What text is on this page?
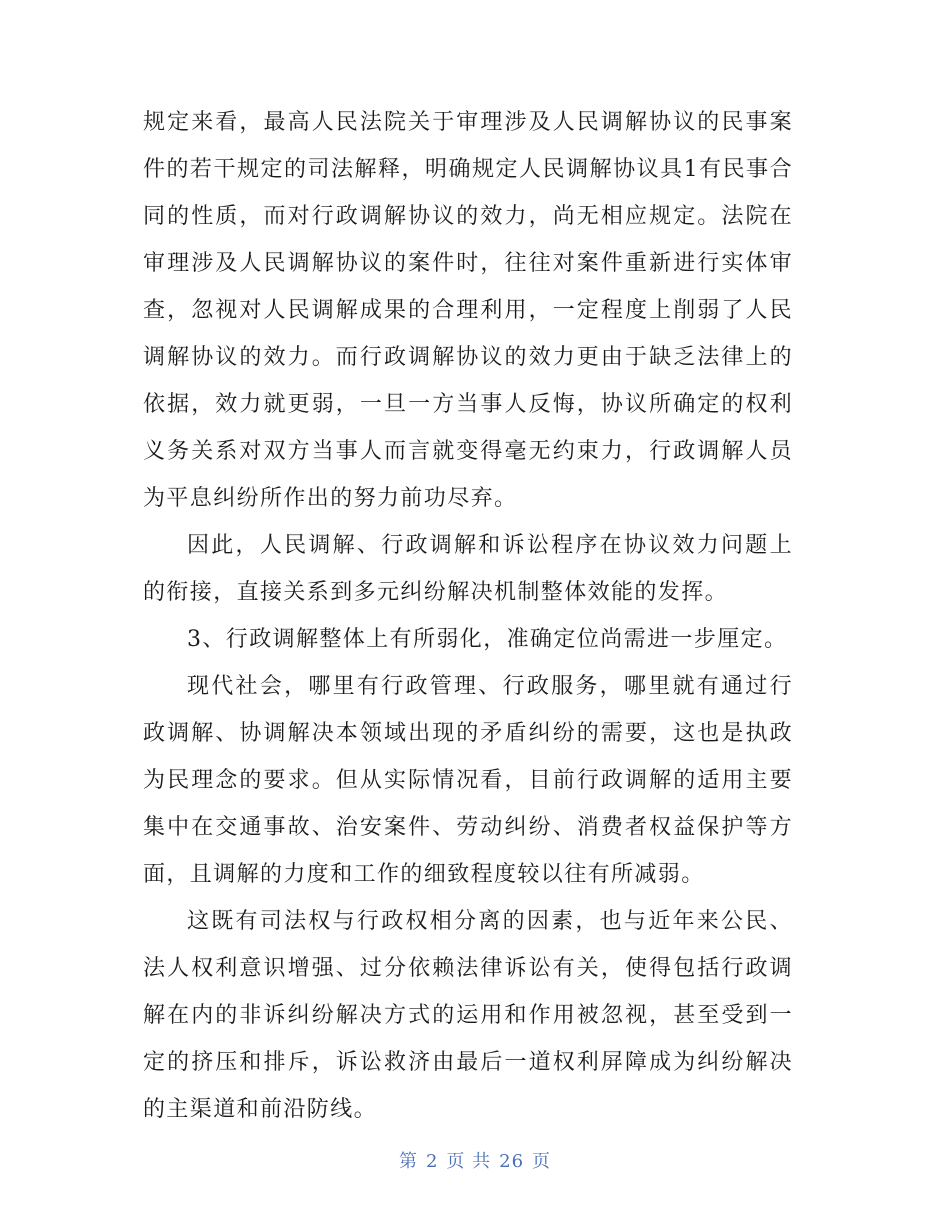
规定来看，最高人民法院关于审理涉及人民调解协议的民事案件的若干规定的司法解释，明确规定人民调解协议具1有民事合同的性质，而对行政调解协议的效力，尚无相应规定。法院在审理涉及人民调解协议的案件时，往往对案件重新进行实体审查，忽视对人民调解成果的合理利用，一定程度上削弱了人民调解协议的效力。而行政调解协议的效力更由于缺乏法律上的依据，效力就更弱，一旦一方当事人反悔，协议所确定的权利义务关系对双方当事人而言就变得毫无约束力，行政调解人员为平息纠纷所作出的努力前功尽弃。

因此，人民调解、行政调解和诉讼程序在协议效力问题上的衔接，直接关系到多元纠纷解决机制整体效能的发挥。

3、行政调解整体上有所弱化，准确定位尚需进一步厘定。

现代社会，哪里有行政管理、行政服务，哪里就有通过行政调解、协调解决本领域出现的矛盾纠纷的需要，这也是执政为民理念的要求。但从实际情况看，目前行政调解的适用主要集中在交通事故、治安案件、劳动纠纷、消费者权益保护等方面，且调解的力度和工作的细致程度较以往有所减弱。

这既有司法权与行政权相分离的因素，也与近年来公民、法人权利意识增强、过分依赖法律诉讼有关，使得包括行政调解在内的非诉纠纷解决方式的运用和作用被忽视，甚至受到一定的挤压和排斥，诉讼救济由最后一道权利屏障成为纠纷解决的主渠道和前沿防线。

第 2 页 共 26 页
